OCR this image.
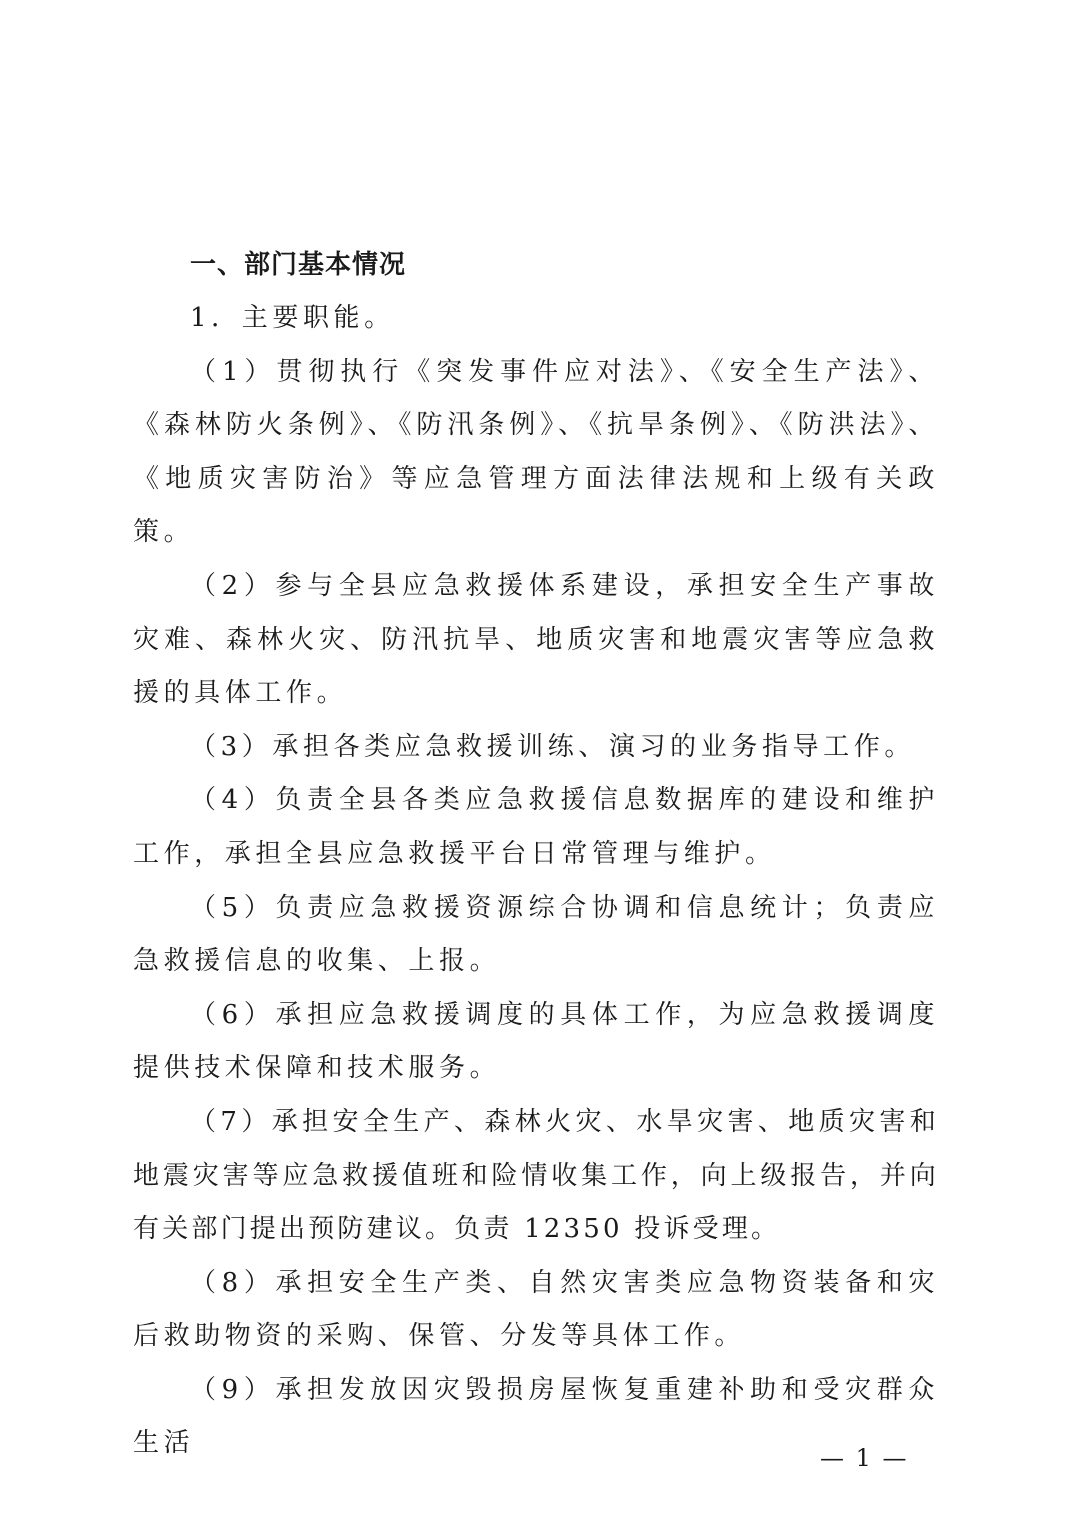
一、部门基本情况

1．主要职能。

（1）贯彻执行《突发事件应对法》、《安全生产法》、《森林防火条例》、《防汛条例》、《抗旱条例》、《防洪法》、《地质灾害防治》等应急管理方面法律法规和上级有关政策。

（2）参与全县应急救援体系建设，承担安全生产事故灾难、森林火灾、防汛抗旱、地质灾害和地震灾害等应急救援的具体工作。

（3）承担各类应急救援训练、演习的业务指导工作。

（4）负责全县各类应急救援信息数据库的建设和维护工作，承担全县应急救援平台日常管理与维护。

（5）负责应急救援资源综合协调和信息统计；负责应急救援信息的收集、上报。

（6）承担应急救援调度的具体工作，为应急救援调度提供技术保障和技术服务。

（7）承担安全生产、森林火灾、水旱灾害、地质灾害和地震灾害等应急救援值班和险情收集工作，向上级报告，并向有关部门提出预防建议。负责 12350 投诉受理。

（8）承担安全生产类、自然灾害类应急物资装备和灾后救助物资的采购、保管、分发等具体工作。

（9）承担发放因灾毁损房屋恢复重建补助和受灾群众生活	— 1 —
